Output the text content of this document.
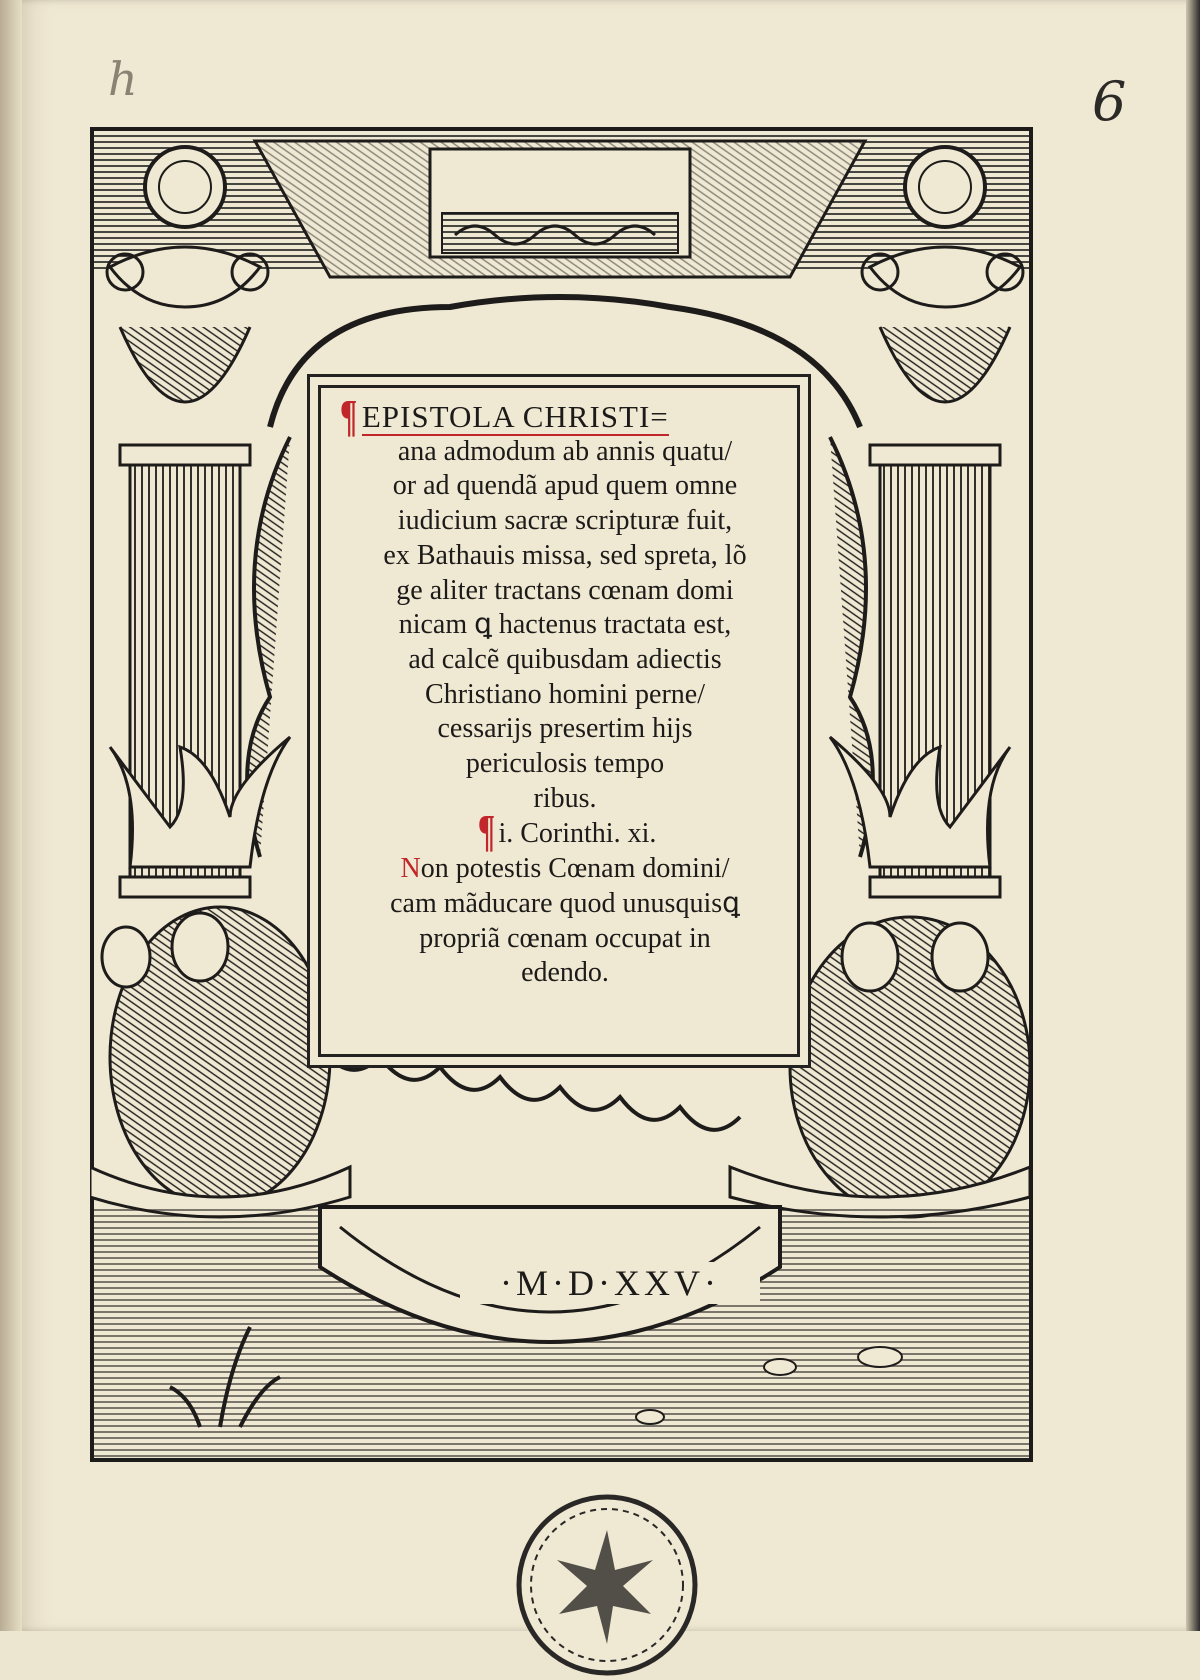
h	6
¶ EPISTOLA CHRISTI=
ana admodum ab annis quatu/
or ad quendã apud quem omne
iudicium sacræ scripturæ fuit,
ex Bathauis missa, sed spreta, lõ
ge aliter tractans cœnam domi
nicam ꝗ hactenus tractata est,
ad calcẽ quibusdam adiectis
Christiano homini perne/
cessarijs presertim hijs
periculosis tempo
ribus.
¶ i. Corinthi. xi.
Non potestis Cœnam domini/
cam mãducare quod unusquisꝗ
propriã cœnam occupat in
edendo.
·M·D·XXV·
